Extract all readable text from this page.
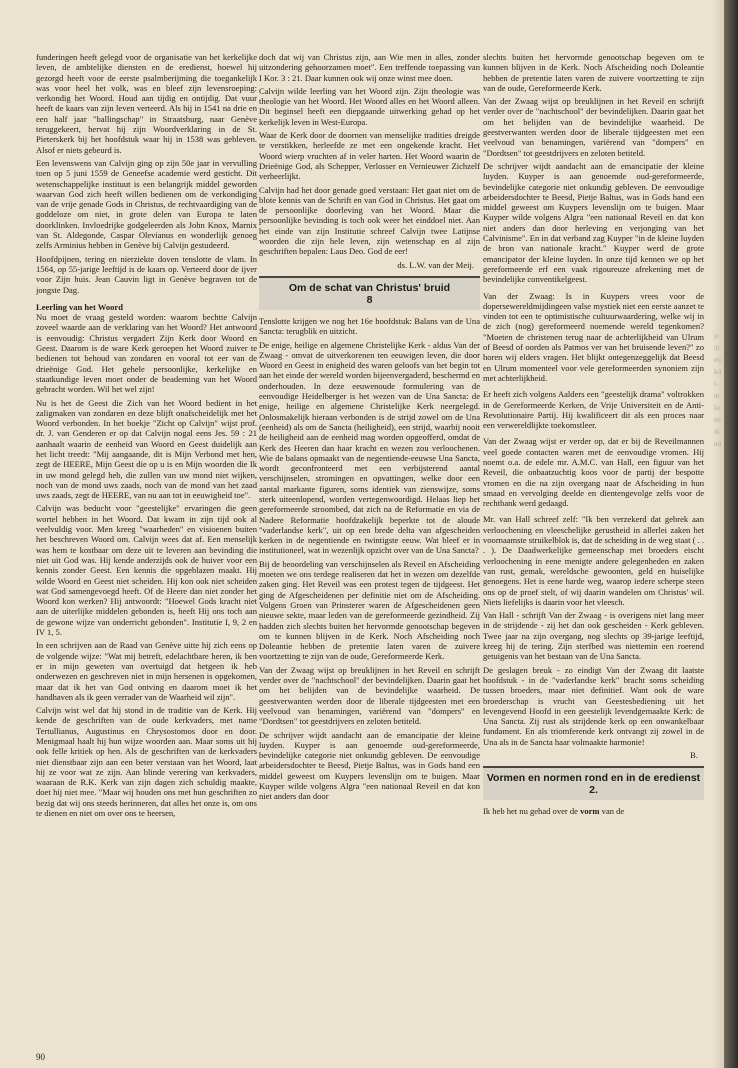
funderingen heeft gelegd voor de organisatie van het kerkelijke leven, de ambtelijke diensten en de eredienst, hoewel hij gezorgd heeft voor de eerste psalmberijming die toegankelijk was voor heel het volk, was en bleef zijn levensroeping: verkondig het Woord. Houd aan tijdig en ontijdig. Dat vuur heeft de kaars van zijn leven verteerd. Als hij in 1541 na drie en een half jaar "ballingschap" in Straatsburg, naar Genève teruggekeert, hervat hij zijn Woordverklaring in de St. Pieterskerk bij het hoofdstuk waar hij in 1538 was gebleven. Alsof er niets gebeurd is.

Een levenswens van Calvijn ging op zijn 50e jaar in vervulling toen op 5 juni 1559 de Geneefse academie werd gesticht. Dit wetenschappelijke instituut is een belangrijk middel geworden waarvan God zich heeft willen bedienen om de verkondiging van de vrije genade Gods in Christus, de rechtvaardiging van de goddeloze om niet, in grote delen van Europa te laten doorklinken. Invloedrijke godgeleerden als John Knox, Marnix van St. Aldegonde, Caspar Olevianus en wonderlijk genoeg zelfs Arminius hebben in Genève bij Calvijn gestudeerd.

Hoofdpijnen, tering en nierziekte doven tenslotte de vlam. In 1564, op 55-jarige leeftijd is de kaars op. Verteerd door de ijver voor Zijn huis. Jean Cauvin ligt in Genève begraven tot de jongste Dag.

Leerling van het Woord

Nu moet de vraag gesteld worden: waarom bechtte Calvijn zoveel waarde aan de verklaring van het Woord? Het antwoord is eenvoudig: Christus vergadert Zijn Kerk door Woord en Geest. Daarom is de ware Kerk geroepen het Woord zuiver te bedienen tot behoud van zondaren en vooral tot eer van de drieënige God. Het gehele persoonlijke, kerkelijke en staatkundige leven moet onder de beademing van het Woord gebracht worden. Wil het wel zijn!

Nu is het de Geest die Zich van het Woord bedient in het zaligmaken van zondaren en deze blijft onafscheidelijk met het Woord verbonden. In het boekje "Zicht op Calvijn" wijst prof. dr. J. van Genderen er op dat Calvijn nogal eens Jes. 59 : 21 aanhaalt waarin de eenheid van Woord en Geest duidelijk aan het licht treedt: "Mij aangaande, dit is Mijn Verbond met hen, zegt de HEERE, Mijn Geest die op u is en Mijn woorden die Ik in uw mond gelegd heb, die zullen van uw mond niet wijken, noch van de mond uws zaads, noch van de mond van het zaad uws zaads, zegt de HEERE, van nu aan tot in eeuwigheid toe".

Calvijn was beducht voor "geestelijke" ervaringen die geen wortel hebben in het Woord. Dat kwam in zijn tijd ook al veelvuldig voor. Men kreeg "waarheden" en visioenen buiten het beschreven Woord om. Calvijn wees dat af. Een menselijk was hem te kostbaar om deze uit te leveren aan bevinding die niet uit God was. Hij kende anderzijds ook de huiver voor een kennis zonder Geest. Een kennis die opgeblazen maakt. Hij wilde Woord en Geest niet scheiden. Hij kon ook niet scheiden wat God samengevoegd heeft. Of de Heere dan niet zonder het Woord kon werken? Hij antwoordt: "Hoewel Gods kracht niet aan de uiterlijke middelen gebonden is, heeft Hij ons toch aan de gewone wijze van onderricht gebonden". Institutie I, 9, 2 en IV 1, 5.

In een schrijven aan de Raad van Genève uitte hij zich eens op de volgende wijze: "Wat mij betreft, edelachtbare heren, ik ben er in mijn geweten van overtuigd dat hetgeen ik heb onderwezen en geschreven niet in mijn hersenen is opgekomen, maar dat ik het van God ontving en daarom moet ik het handhaven als ik geen verrader van de Waarheid wil zijn".

Calvijn wist wel dat hij stond in de traditie van de Kerk. Hij kende de geschriften van de oude kerkvaders, met name Tertullianus, Augustinus en Chrysostomos door en door. Menigmaal haalt hij hun wijze woorden aan. Maar soms uit hij ook felle kritiek op hen. Als de geschriften van de kerkvaders niet dienstbaar zijn aan een beter verstaan van het Woord, laat hij ze voor wat ze zijn. Aan blinde verering van kerkvaders, waaraan de R.K. Kerk van zijn dagen zich schuldig maakte, doet hij niet mee. "Maar wij houden ons met hun geschriften zo bezig dat wij ons steeds herinneren, dat alles het onze is, om ons te dienen en niet om over ons te heersen,

doch dat wij van Christus zijn, aan Wie men in alles, zonder uitzondering gehoorzamen moet". Een treffende toepassing van I Kor. 3 : 21. Daar kunnen ook wij onze winst mee doen.

Calvijn wilde leerling van het Woord zijn. Zijn theologie was theologie van het Woord. Het Woord alles en het Woord alleen. Dit beginsel heeft een diepgaande uitwerking gehad op het kerkelijk leven in West-Europa.

Waar de Kerk door de doornen van menselijke tradities dreigde te verstikken, herleefde ze met een ongekende kracht. Het Woord wierp vruchten af in veler harten. Het Woord waarin de Drieënige God, als Schepper, Verlosser en Vernieuwer Zichzelf verheerlijkt.

Calvijn had het door genade goed verstaan: Het gaat niet om de blote kennis van de Schrift en van God in Christus. Het gaat om de persoonlijke doorleving van het Woord. Maar die persoonlijke bevinding is toch ook weer het einddoel niet. Aan het einde van zijn Institutie schreef Calvijn twee Latijnse woorden die zijn hele leven, zijn wetenschap en al zijn geschriften bepalen: Laus Deo. God de eer!

ds. L.W. van der Meij.
Om de schat van Christus' bruid
8

Tenslotte krijgen we nog het 16e hoofdstuk: Balans van de Una Sancta: terugblik en uitzicht.

De enige, heilige en algemene Christelijke Kerk - aldus Van der Zwaag - omvat de uitverkorenen ten eeuwigen leven, die door Woord en Geest in enigheid des waren geloofs van het begin tot aan het einde der wereld worden bijeenvergaderd, beschermd en onderhouden. In deze eeuwenoude formulering van de eenvoudige Heidelberger is het wezen van de Una Sancta: de enige, heilige en algemene Christelijke Kerk neergelegd. Onlosmakelijk hieraan verbonden is de strijd zowel om de Una (eenheid) als om de Sancta (heiligheid), een strijd, waarbij nooit de heiligheid aan de eenheid mag worden opgeofferd, omdat de Kerk des Heeren dan haar kracht en wezen zou verloochenen. Wie de balans opmaakt van de negentiende-eeuwse Una Sancta, wordt geconfronteerd met een verbijsterend aantal verschijnselen, stromingen en opvattingen, welke door een aantal markante figuren, soms identiek van zienswijze, soms sterk uiteenlopend, worden vertegenwoordigd. Helaas liep het gereformeerde stroombed, dat zich na de Reformatie en via de Nadere Reformatie hoofdzakelijk beperkte tot de aloude "vaderlandse kerk", uit op een brede delta van afgescheiden kerken in de negentiende en twintigste eeuw. Wat bleef er in institutioneel, wat in wezenlijk opzicht over van de Una Sancta?

Bij de beoordeling van verschijnselen als Reveil en Afscheiding moeten we ons terdege realiseren dat het in wezen om dezelfde zaken ging. Het Reveil was een protest tegen de tijdgeest. Het ging de Afgescheidenen per definitie niet om de Afscheiding. Volgens Groen van Prinsterer waren de Afgescheidenen geen nieuwe sekte, maar leden van de gereformeerde gezindheid. Zij hadden zich slechts buiten het hervormde genootschap begeven om te kunnen blijven in de Kerk. Noch Afscheiding noch Doleantie hebben de pretentie laten varen de zuivere voortzetting te zijn van de oude, Gereformeerde Kerk.

Van der Zwaag wijst op breuklijnen in het Reveil en schrijft verder over de "nachtschool" der bevindelijken. Daarin gaat het om het belijden van de bevindelijke waarheid. De geestverwanten werden door de liberale tijdgeesten met een veelvoud van benamingen, variërend van "dompers" en "Dordtsen" tot geestdrijvers en zeloten betiteld.

De schrijver wijdt aandacht aan de emancipatie der kleine luyden. Kuyper is aan genoemde oud-gereformeerde, bevindelijke categorie niet onkundig gebleven. De eenvoudige arbeidersdochter te Beesd, Pietje Baltus, was in Gods hand een middel geweest om Kuypers levenslijn om te buigen. Maar Kuyper wilde volgens Algra "een nationaal Reveil en dat kon niet anders dan door

slechts buiten het hervormde genootschap begeven om te kunnen blijven in de Kerk. Noch Afscheiding noch Doleantie hebben de pretentie laten varen de zuivere voortzetting te zijn van de oude, Gereformeerde Kerk.

Van der Zwaag wijst op breuklijnen in het Reveil en schrijft verder over de "nachtschool" der bevindelijken. Daarin gaat het om het belijden van de bevindelijke waarheid. De geestverwanten werden door de liberale tijdgeesten met een veelvoud van benamingen, variërend van "dompers" en "Dordtsen" tot geestdrijvers en zeloten betiteld.

De schrijver wijdt aandacht aan de emancipatie der kleine luyden. Kuyper is aan genoemde oud-gereformeerde, bevindelijke categorie niet onkundig gebleven. De eenvoudige arbeidersdochter te Beesd, Pietje Baltus, was in Gods hand een middel geweest om Kuypers levenslijn om te buigen. Maar Kuyper wilde volgens Algra "een nationaal Reveil en dat kon niet anders dan door herleving en verjonging van het Calvinisme". En in dat verband zag Kuyper "in de kleine luyden de bron van nationale kracht." Kuyper werd de grote emancipator der kleine luyden. In onze tijd kennen we op het gereformeerde erf een vaak rigoureuze afrekening met de bevindelijke conventikelgeest.

Van der Zwaag: Is in Kuypers vrees voor de dopersewereldmijdingeen valse mystiek niet een eerste aanzet te vinden tot een te optimistische cultuurwaardering, welke wij in de zich (nog) gereformeerd noemende wereld tegenkomen? "Moeten de christenen terug naar de achterlijkheid van Ulrum of Beesd of oorden als Patmos ver van het bruisende leven?" zo horen wij elders vragen. Het blijkt ontegenzeggelijk dat Beesd en Ulrum momenteel voor vele gereformeerden synoniem zijn met achterlijkheid.

Er heeft zich volgens Aalders een "geestelijk drama" voltrokken in de Gereformeerde Kerken, de Vrije Universiteit en de Anti-Revolutionaire Partij. Hij kwalificeert dit als een proces naar een verwereldlijkte toekomstleer.

Van der Zwaag wijst er verder op, dat er bij de Reveilmannen veel goede contacten waren met de eenvoudige vromen. Hij noemt o.a. de edele mr. A.M.C. van Hall, een figuur van het Reveil, die onbaatzuchtig koos voor de partij der bespotte vromen en die na zijn overgang naar de Afscheiding in hun smaad en vervolging deelde en dientengevolge zelfs voor de rechtbank werd gedaagd.

Mr. van Hall schreef zelf: "Ik ben verzekerd dat gebrek aan verloochening en vleeschelijke gerustheid in allerlei zaken het voornaamste struikelblok is, dat de scheiding in de weg staat ( . . . ). De Daadwerkelijke gemeenschap met broeders eischt verloochening in eene menigte andere gelegenheden en zaken van rust, gemak, wereldsche gewoonten, geld en huiselijke genoegens. Het is eene harde weg, waarop iedere scherpe steen ons op de proef stelt, of wij daarin wandelen om Christus' wil. Niets liefelijks is daarin voor het vleesch.

Van Hall - schrijft Van der Zwaag - is overigens niet lang meer in de strijdende - zij het dan ook gescheiden - Kerk gebleven. Twee jaar na zijn overgang, nog slechts op 39-jarige leeftijd, kreeg hij de tering. Zijn sterfbed was niettemin een roerend getuigenis van het bestaan van de Una Sancta.

De geslagen breuk - zo eindigt Van der Zwaag dit laatste hoofdstuk - in de "vaderlandse kerk" bracht soms scheiding tussen broeders, maar niet definitief. Want ook de ware broederschap is vrucht van Geestesbediening uit het levengevend Hoofd in een geestelijk levendgemaakte Kerk: de Una Sancta. Zij rust als strijdende kerk op een onwankelbaar fundament. En als triomferende kerk ontvangt zij zowel in de Una als in de Sancta haar volmaakte harmonie!

B.
Vormen en normen rond en in de eredienst
2.

Ik heb het nu gehad over de vorm van de

90
jedteijkdt-mkeetiiknd
